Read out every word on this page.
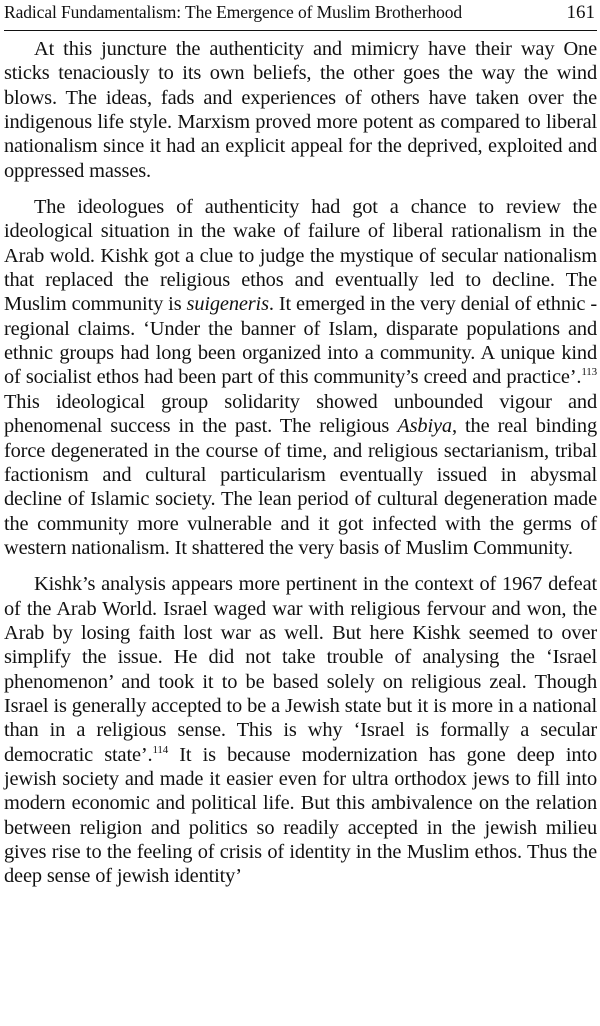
Radical Fundamentalism: The Emergence of Muslim Brotherhood	161

At this juncture the authenticity and mimicry have their way One sticks tenaciously to its own beliefs, the other goes the way the wind blows. The ideas, fads and experiences of others have taken over the indigenous life style. Marxism proved more potent as compared to liberal nationalism since it had an explicit appeal for the deprived, exploited and oppressed masses.

The ideologues of authenticity had got a chance to review the ideological situation in the wake of failure of liberal rationalism in the Arab wold. Kishk got a clue to judge the mystique of secular nationalism that replaced the religious ethos and eventually led to decline. The Muslim community is suigeneris. It emerged in the very denial of ethnic -regional claims. ‘Under the banner of Islam, disparate populations and ethnic groups had long been organized into a community. A unique kind of socialist ethos had been part of this community’s creed and practice’.$^{113}$ This ideological group solidarity showed unbounded vigour and phenomenal success in the past. The religious Asbiya, the real binding force degenerated in the course of time, and religious sectarianism, tribal factionism and cultural particularism eventually issued in abysmal decline of Islamic society. The lean period of cultural degeneration made the community more vulnerable and it got infected with the germs of western nationalism. It shattered the very basis of Muslim Community.

Kishk’s analysis appears more pertinent in the context of 1967 defeat of the Arab World. Israel waged war with religious fervour and won, the Arab by losing faith lost war as well. But here Kishk seemed to over simplify the issue. He did not take trouble of analysing the ‘Israel phenomenon’ and took it to be based solely on religious zeal. Though Israel is generally accepted to be a Jewish state but it is more in a national than in a religious sense. This is why ‘Israel is formally a secular democratic state’.$^{114}$ It is because modernization has gone deep into jewish society and made it easier even for ultra orthodox jews to fill into modern economic and political life. But this ambivalence on the relation between religion and politics so readily accepted in the jewish milieu gives rise to the feeling of crisis of identity in the Muslim ethos. Thus the deep sense of jewish identity’
